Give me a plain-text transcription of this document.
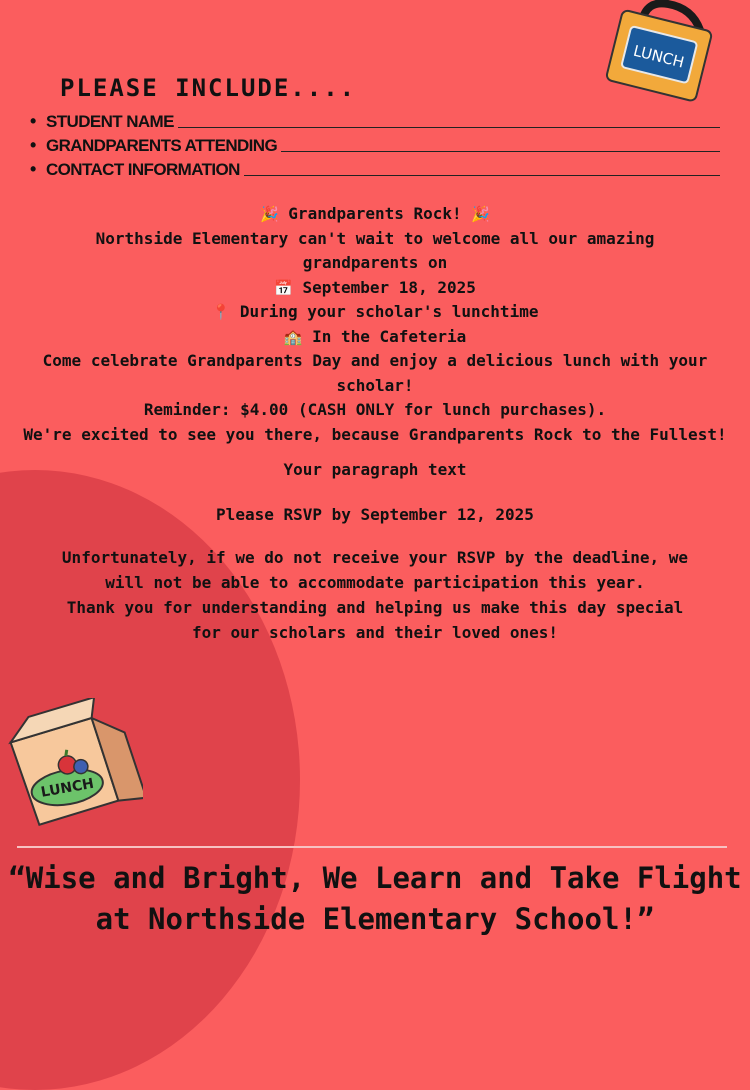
LUNCH
PLEASE INCLUDE....
• STUDENT NAME
• GRANDPARENTS ATTENDING
• CONTACT INFORMATION

🎉 Grandparents Rock! 🎉

Northside Elementary can't wait to welcome all our amazing grandparents on

📅 September 18, 2025

📍 During your scholar's lunchtime

🏫 In the Cafeteria

Come celebrate Grandparents Day and enjoy a delicious lunch with your scholar!

Reminder: $4.00 (CASH ONLY for lunch purchases).

We're excited to see you there, because Grandparents Rock to the Fullest!

Your paragraph text
Please RSVP by September 12, 2025

Unfortunately, if we do not receive your RSVP by the deadline, we will not be able to accommodate participation this year.

Thank you for understanding and helping us make this day special for our scholars and their loved ones!

LUNCH
“Wise and Bright, We Learn and Take Flight at Northside Elementary School!”
